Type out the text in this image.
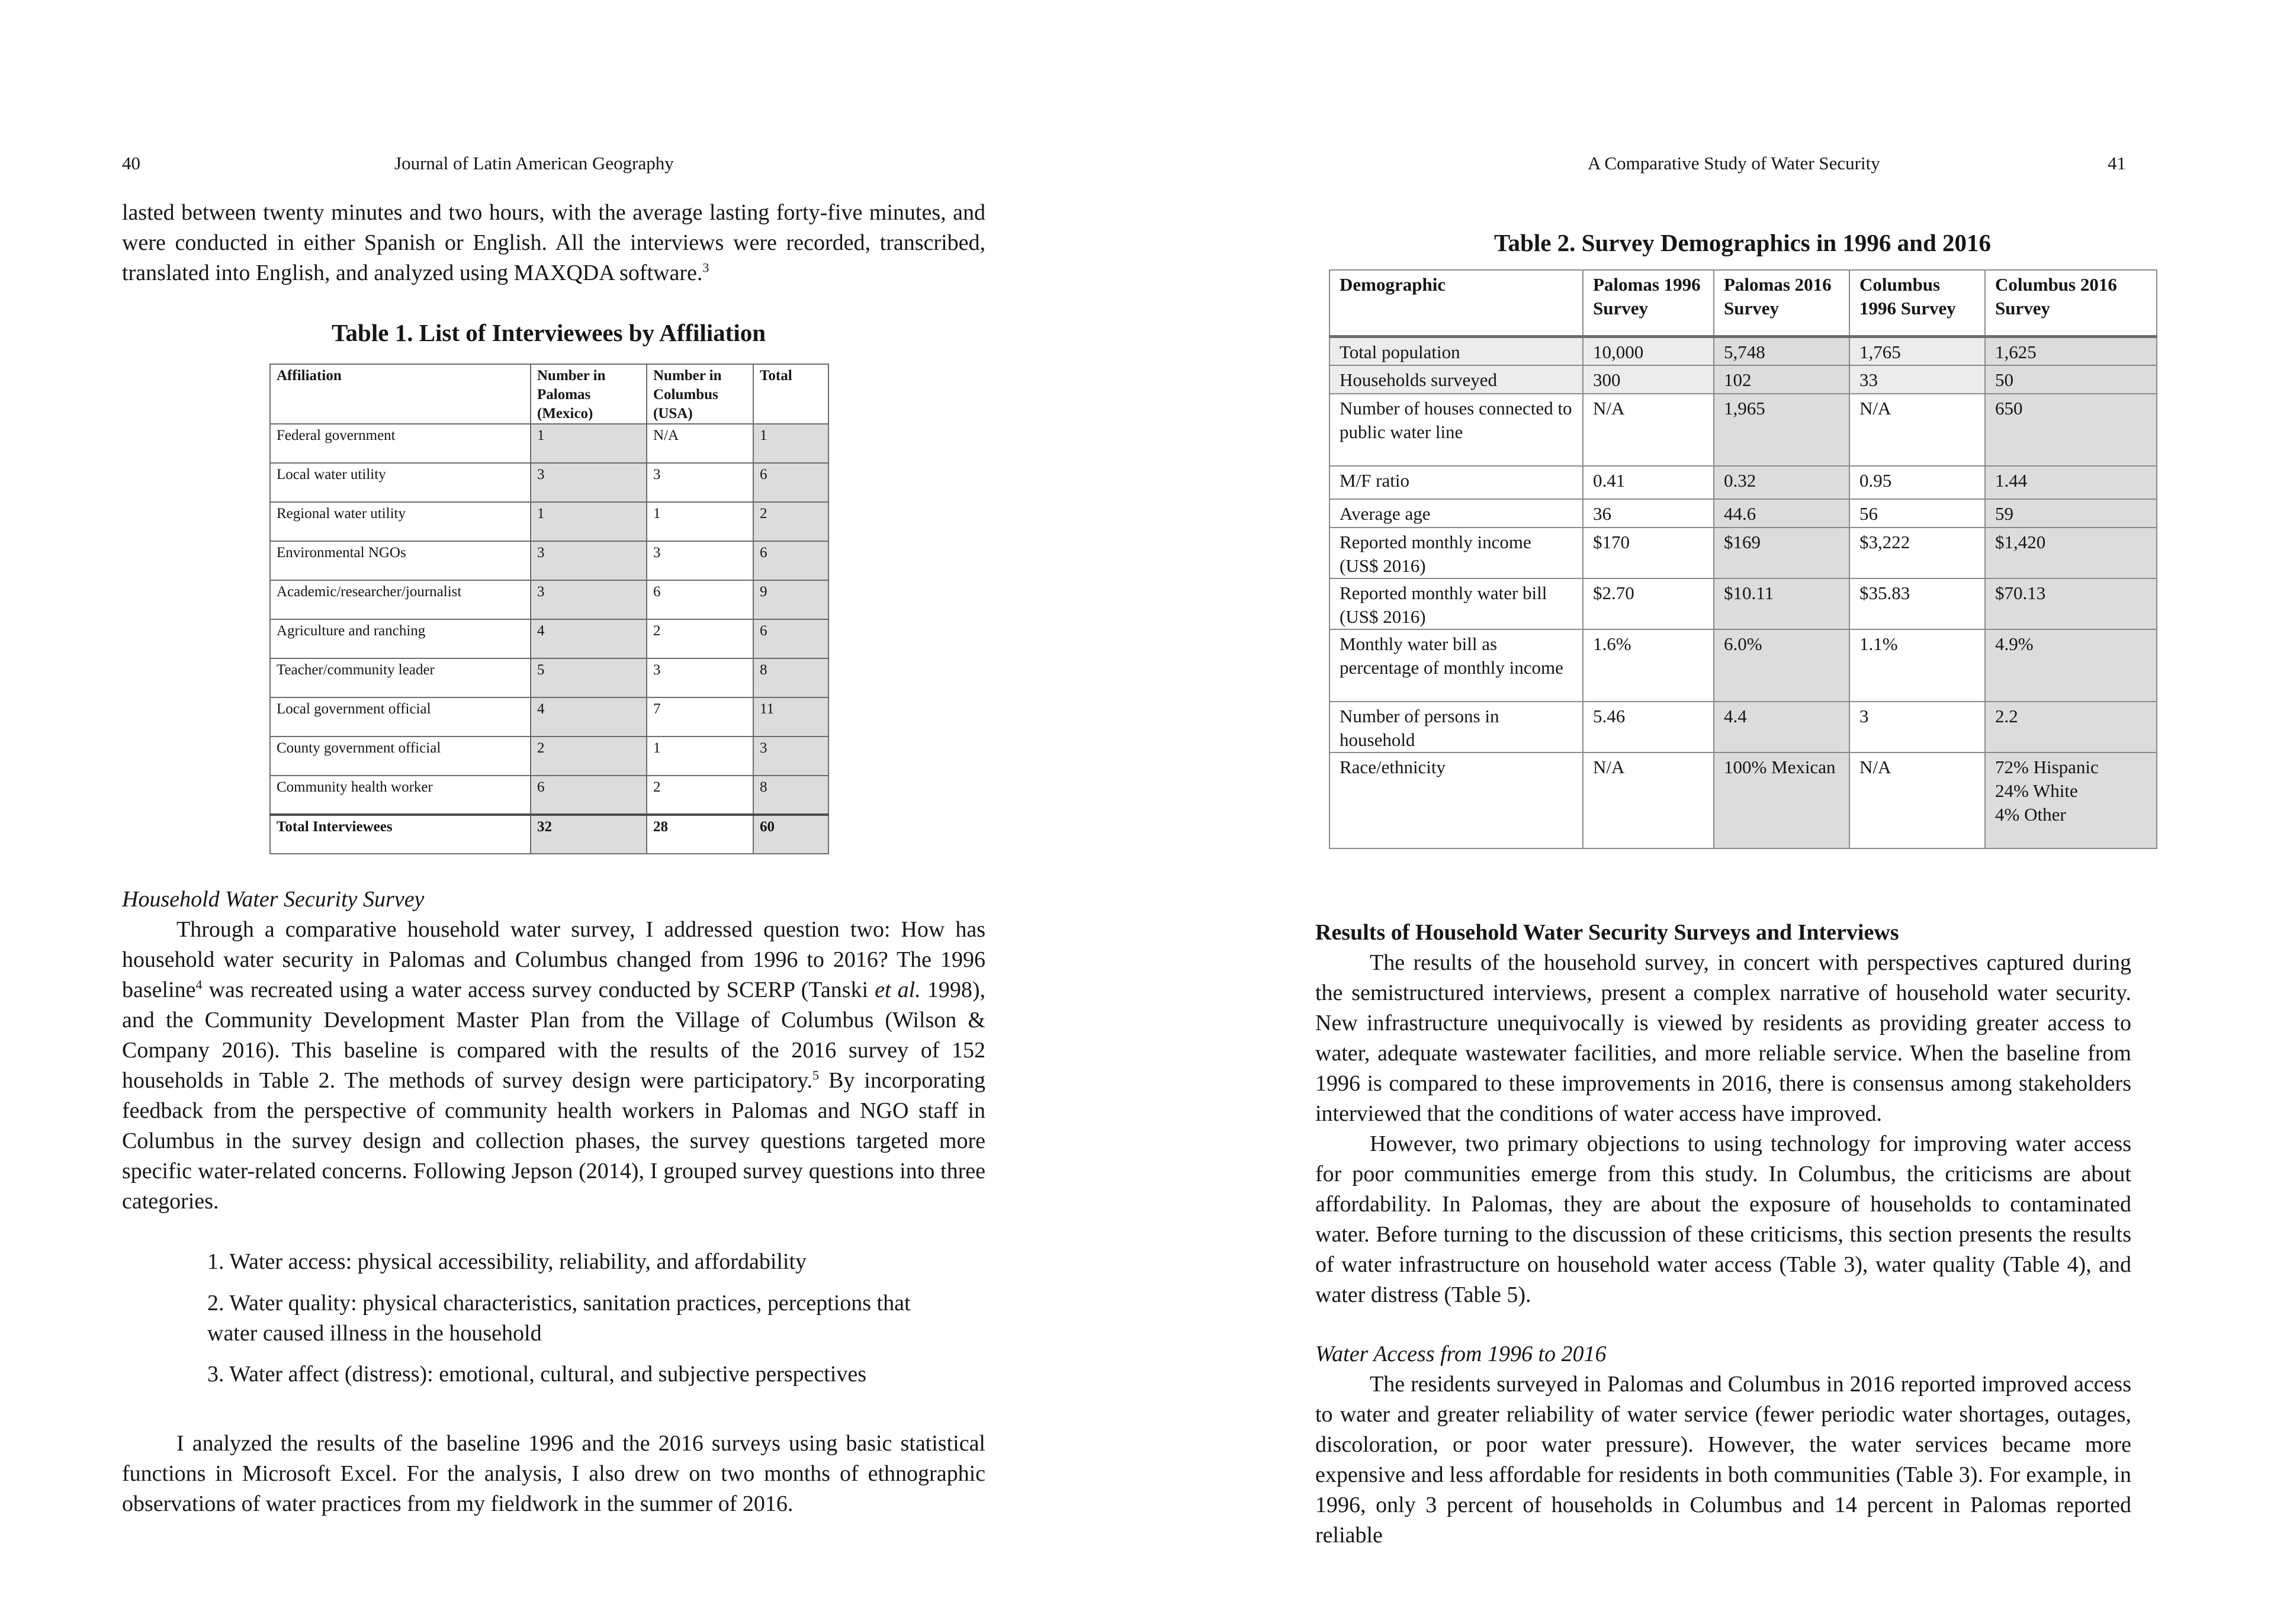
40	Journal of Latin American Geography

lasted between twenty minutes and two hours, with the average lasting forty-five minutes, and were conducted in either Spanish or English. All the interviews were recorded, transcribed, translated into English, and analyzed using MAXQDA software.$^3$

Table 1. List of Interviewees by Affiliation
Affiliation	Number in Palomas (Mexico)	Number in Columbus (USA)	Total
Federal government	1	N/A	1
Local water utility	3	3	6
Regional water utility	1	1	2
Environmental NGOs	3	3	6
Academic/researcher/journalist	3	6	9
Agriculture and ranching	4	2	6
Teacher/community leader	5	3	8
Local government official	4	7	11
County government official	2	1	3
Community health worker	6	2	8
Total Interviewees	32	28	60

Household Water Security Survey

Through a comparative household water survey, I addressed question two: How has household water security in Palomas and Columbus changed from 1996 to 2016? The 1996 baseline$^4$ was recreated using a water access survey conducted by SCERP (Tanski et al. 1998), and the Community Development Master Plan from the Village of Columbus (Wilson & Company 2016). This baseline is compared with the results of the 2016 survey of 152 households in Table 2. The methods of survey design were participatory.$^5$ By incorporating feedback from the perspective of community health workers in Palomas and NGO staff in Columbus in the survey design and collection phases, the survey questions targeted more specific water-related concerns. Following Jepson (2014), I grouped survey questions into three categories.

1. Water access: physical accessibility, reliability, and affordability

2. Water quality: physical characteristics, sanitation practices, perceptions that water caused illness in the household

3. Water affect (distress): emotional, cultural, and subjective perspectives

I analyzed the results of the baseline 1996 and the 2016 surveys using basic statistical functions in Microsoft Excel. For the analysis, I also drew on two months of ethnographic observations of water practices from my fieldwork in the summer of 2016.

A Comparative Study of Water Security	41
Table 2. Survey Demographics in 1996 and 2016
Demographic	Palomas 1996 Survey	Palomas 2016 Survey	Columbus 1996 Survey	Columbus 2016 Survey
Total population	10,000	5,748	1,765	1,625
Households surveyed	300	102	33	50
Number of houses connected to public water line	N/A	1,965	N/A	650
M/F ratio	0.41	0.32	0.95	1.44
Average age	36	44.6	56	59
Reported monthly income (US$ 2016)	$170	$169	$3,222	$1,420
Reported monthly water bill (US$ 2016)	$2.70	$10.11	$35.83	$70.13
Monthly water bill as percentage of monthly income	1.6%	6.0%	1.1%	4.9%
Number of persons in household	5.46	4.4	3	2.2
Race/ethnicity	N/A	100% Mexican	N/A	72% Hispanic
24% White
4% Other

Results of Household Water Security Surveys and Interviews

The results of the household survey, in concert with perspectives captured during the semistructured interviews, present a complex narrative of household water security. New infrastructure unequivocally is viewed by residents as providing greater access to water, adequate wastewater facilities, and more reliable service. When the baseline from 1996 is compared to these improvements in 2016, there is consensus among stakeholders interviewed that the conditions of water access have improved.

However, two primary objections to using technology for improving water access for poor communities emerge from this study. In Columbus, the criticisms are about affordability. In Palomas, they are about the exposure of households to contaminated water. Before turning to the discussion of these criticisms, this section presents the results of water infrastructure on household water access (Table 3), water quality (Table 4), and water distress (Table 5).

Water Access from 1996 to 2016

The residents surveyed in Palomas and Columbus in 2016 reported improved access to water and greater reliability of water service (fewer periodic water shortages, outages, discoloration, or poor water pressure). However, the water services became more expensive and less affordable for residents in both communities (Table 3). For example, in 1996, only 3 percent of households in Columbus and 14 percent in Palomas reported reliable
